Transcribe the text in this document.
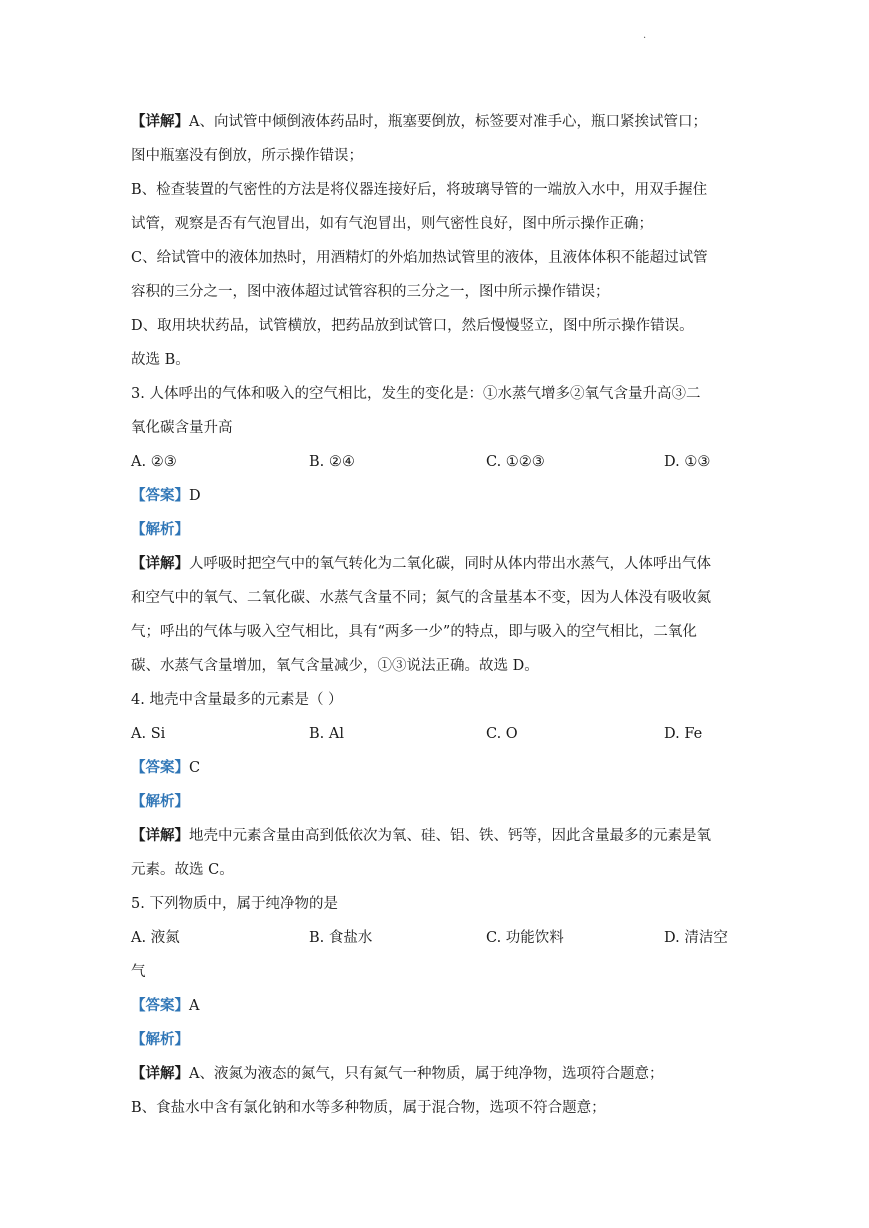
.
【详解】A、向试管中倾倒液体药品时，瓶塞要倒放，标签要对准手心，瓶口紧挨试管口；
图中瓶塞没有倒放，所示操作错误；
B、检查装置的气密性的方法是将仪器连接好后，将玻璃导管的一端放入水中，用双手握住
试管，观察是否有气泡冒出，如有气泡冒出，则气密性良好，图中所示操作正确；
C、给试管中的液体加热时，用酒精灯的外焰加热试管里的液体，且液体体积不能超过试管
容积的三分之一，图中液体超过试管容积的三分之一，图中所示操作错误；
D、取用块状药品，试管横放，把药品放到试管口，然后慢慢竖立，图中所示操作错误。
故选 B。
3. 人体呼出的气体和吸入的空气相比，发生的变化是：①水蒸气增多②氧气含量升高③二
氧化碳含量升高
A. ②③	B. ②④	C. ①②③	D. ①③
【答案】D
【解析】
【详解】人呼吸时把空气中的氧气转化为二氧化碳，同时从体内带出水蒸气，人体呼出气体
和空气中的氧气、二氧化碳、水蒸气含量不同；氮气的含量基本不变，因为人体没有吸收氮
气；呼出的气体与吸入空气相比，具有“两多一少”的特点，即与吸入的空气相比，二氧化
碳、水蒸气含量增加，氧气含量减少，①③说法正确。故选 D。
4. 地壳中含量最多的元素是（ ）
A. Si	B. Al	C. O	D. Fe
【答案】C
【解析】
【详解】地壳中元素含量由高到低依次为氧、硅、铝、铁、钙等，因此含量最多的元素是氧
元素。故选 C。
5. 下列物质中，属于纯净物的是
A. 液氮	B. 食盐水	C. 功能饮料	D. 清洁空
气
【答案】A
【解析】
【详解】A、液氮为液态的氮气，只有氮气一种物质，属于纯净物，选项符合题意；
B、食盐水中含有氯化钠和水等多种物质，属于混合物，选项不符合题意；
